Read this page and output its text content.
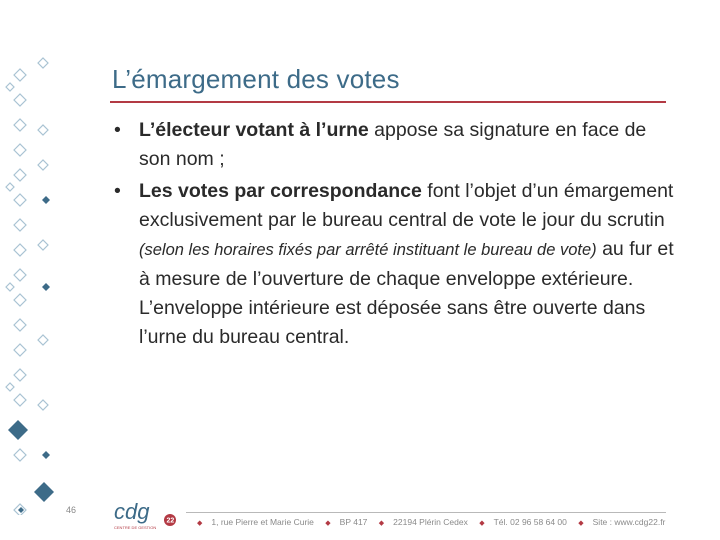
L’émargement des votes
• L’électeur votant à l’urne appose sa signature en face de son nom ;
• Les votes par correspondance font l’objet d’un émargement exclusivement par le bureau central de vote le jour du scrutin (selon les horaires fixés par arrêté instituant le bureau de vote) au fur et à mesure de l’ouverture de chaque enveloppe extérieure. L’enveloppe intérieure est déposée sans être ouverte dans l’urne du bureau central.
46 cdg 22
CENTRE DE GESTION
◆ 1, rue Pierre et Marie Curie ◆ BP 417 ◆ 22194 Plérin Cedex ◆ Tél. 02 96 58 64 00 ◆ Site : www.cdg22.fr
